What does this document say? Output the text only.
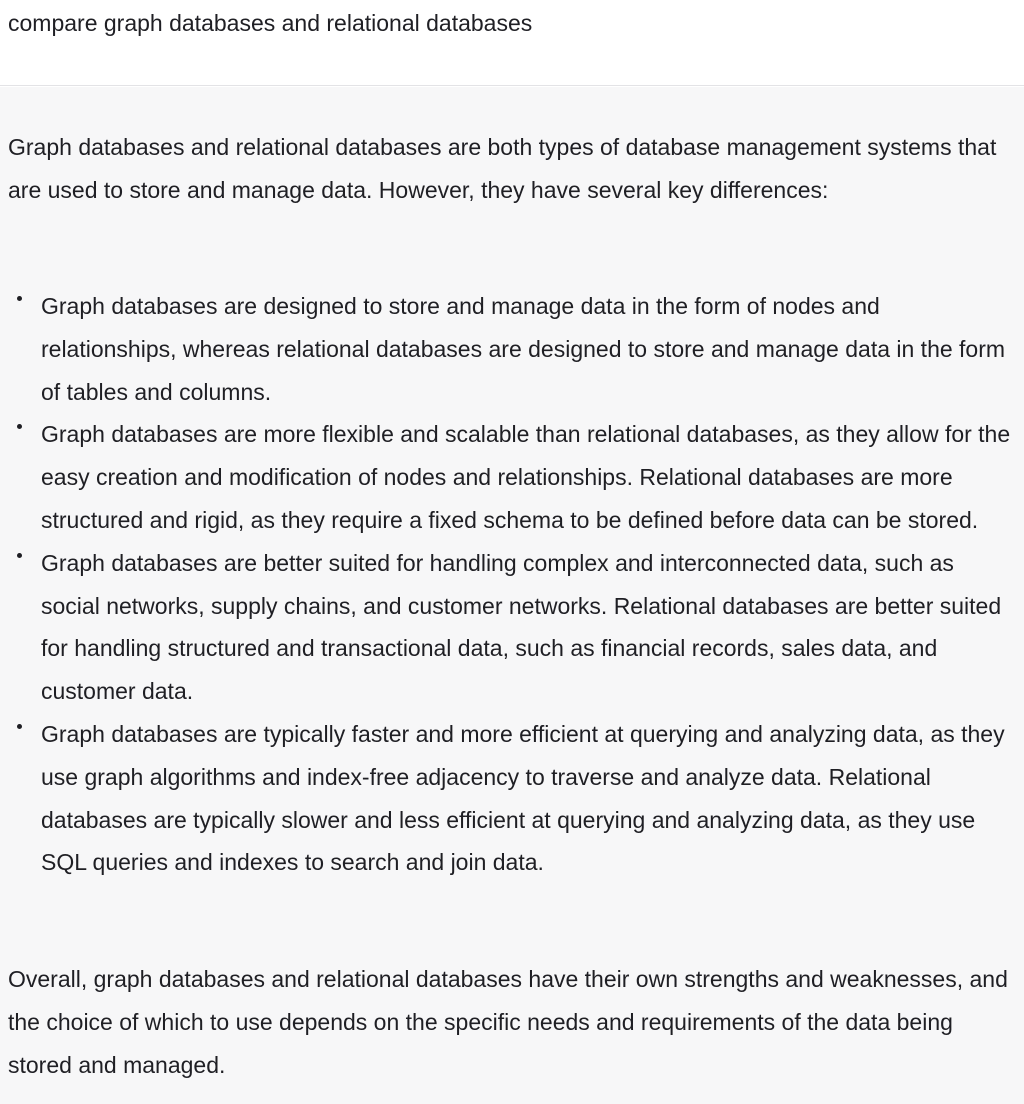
compare graph databases and relational databases

Graph databases and relational databases are both types of database management systems that are used to store and manage data. However, they have several key differences:

Graph databases are designed to store and manage data in the form of nodes and relationships, whereas relational databases are designed to store and manage data in the form of tables and columns.
Graph databases are more flexible and scalable than relational databases, as they allow for the easy creation and modification of nodes and relationships. Relational databases are more structured and rigid, as they require a fixed schema to be defined before data can be stored.
Graph databases are better suited for handling complex and interconnected data, such as social networks, supply chains, and customer networks. Relational databases are better suited for handling structured and transactional data, such as financial records, sales data, and customer data.
Graph databases are typically faster and more efficient at querying and analyzing data, as they use graph algorithms and index-free adjacency to traverse and analyze data. Relational databases are typically slower and less efficient at querying and analyzing data, as they use SQL queries and indexes to search and join data.

Overall, graph databases and relational databases have their own strengths and weaknesses, and the choice of which to use depends on the specific needs and requirements of the data being stored and managed.
